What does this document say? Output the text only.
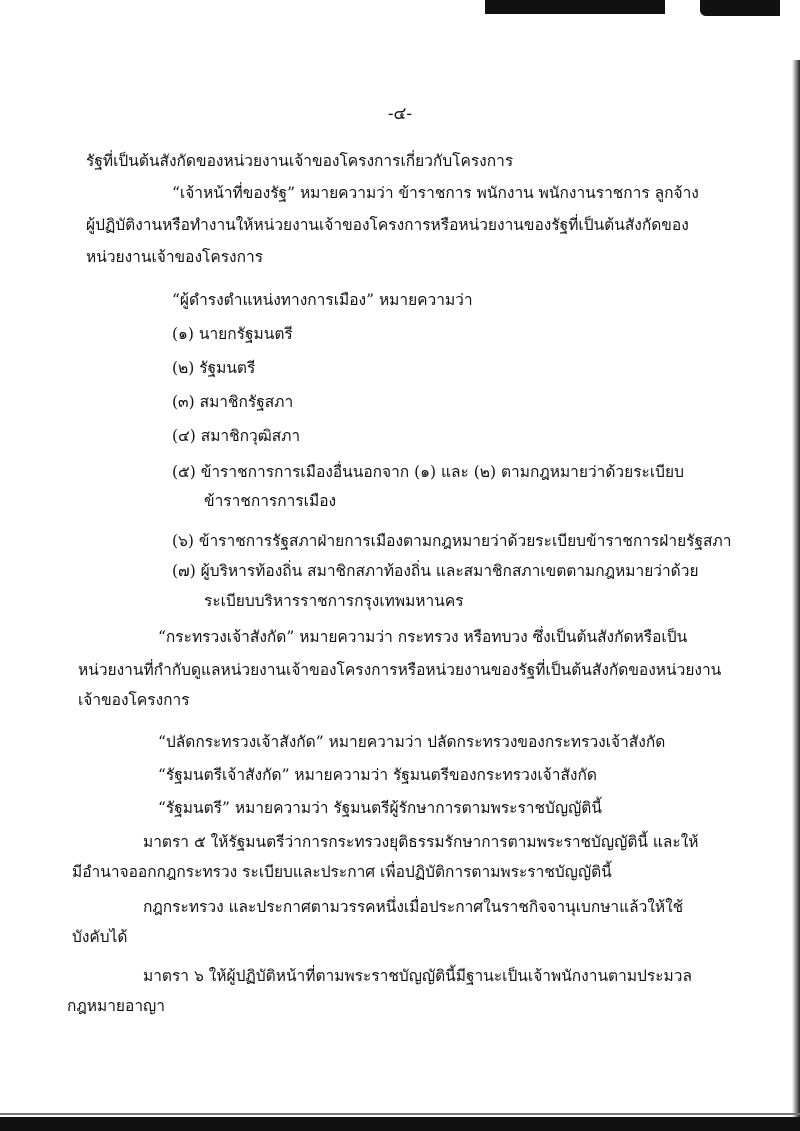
-๔-
รัฐที่เป็นต้นสังกัดของหน่วยงานเจ้าของโครงการเกี่ยวกับโครงการ
“เจ้าหน้าที่ของรัฐ” หมายความว่า ข้าราชการ พนักงาน พนักงานราชการ ลูกจ้าง
ผู้ปฏิบัติงานหรือทำงานให้หน่วยงานเจ้าของโครงการหรือหน่วยงานของรัฐที่เป็นต้นสังกัดของ
หน่วยงานเจ้าของโครงการ
“ผู้ดำรงตำแหน่งทางการเมือง” หมายความว่า
(๑) นายกรัฐมนตรี
(๒) รัฐมนตรี
(๓) สมาชิกรัฐสภา
(๔) สมาชิกวุฒิสภา
(๕) ข้าราชการการเมืองอื่นนอกจาก (๑) และ (๒) ตามกฎหมายว่าด้วยระเบียบ
ข้าราชการการเมือง
(๖) ข้าราชการรัฐสภาฝ่ายการเมืองตามกฎหมายว่าด้วยระเบียบข้าราชการฝ่ายรัฐสภา
(๗) ผู้บริหารท้องถิ่น สมาชิกสภาท้องถิ่น และสมาชิกสภาเขตตามกฎหมายว่าด้วย
ระเบียบบริหารราชการกรุงเทพมหานคร
“กระทรวงเจ้าสังกัด” หมายความว่า กระทรวง หรือทบวง ซึ่งเป็นต้นสังกัดหรือเป็น
หน่วยงานที่กำกับดูแลหน่วยงานเจ้าของโครงการหรือหน่วยงานของรัฐที่เป็นต้นสังกัดของหน่วยงาน
เจ้าของโครงการ
“ปลัดกระทรวงเจ้าสังกัด” หมายความว่า ปลัดกระทรวงของกระทรวงเจ้าสังกัด
“รัฐมนตรีเจ้าสังกัด” หมายความว่า รัฐมนตรีของกระทรวงเจ้าสังกัด
“รัฐมนตรี” หมายความว่า รัฐมนตรีผู้รักษาการตามพระราชบัญญัตินี้
มาตรา ๕ ให้รัฐมนตรีว่าการกระทรวงยุติธรรมรักษาการตามพระราชบัญญัตินี้ และให้
มีอำนาจออกกฎกระทรวง ระเบียบและประกาศ เพื่อปฏิบัติการตามพระราชบัญญัตินี้
กฎกระทรวง และประกาศตามวรรคหนึ่งเมื่อประกาศในราชกิจจานุเบกษาแล้วให้ใช้
บังคับได้
มาตรา ๖ ให้ผู้ปฏิบัติหน้าที่ตามพระราชบัญญัตินี้มีฐานะเป็นเจ้าพนักงานตามประมวล
กฎหมายอาญา
